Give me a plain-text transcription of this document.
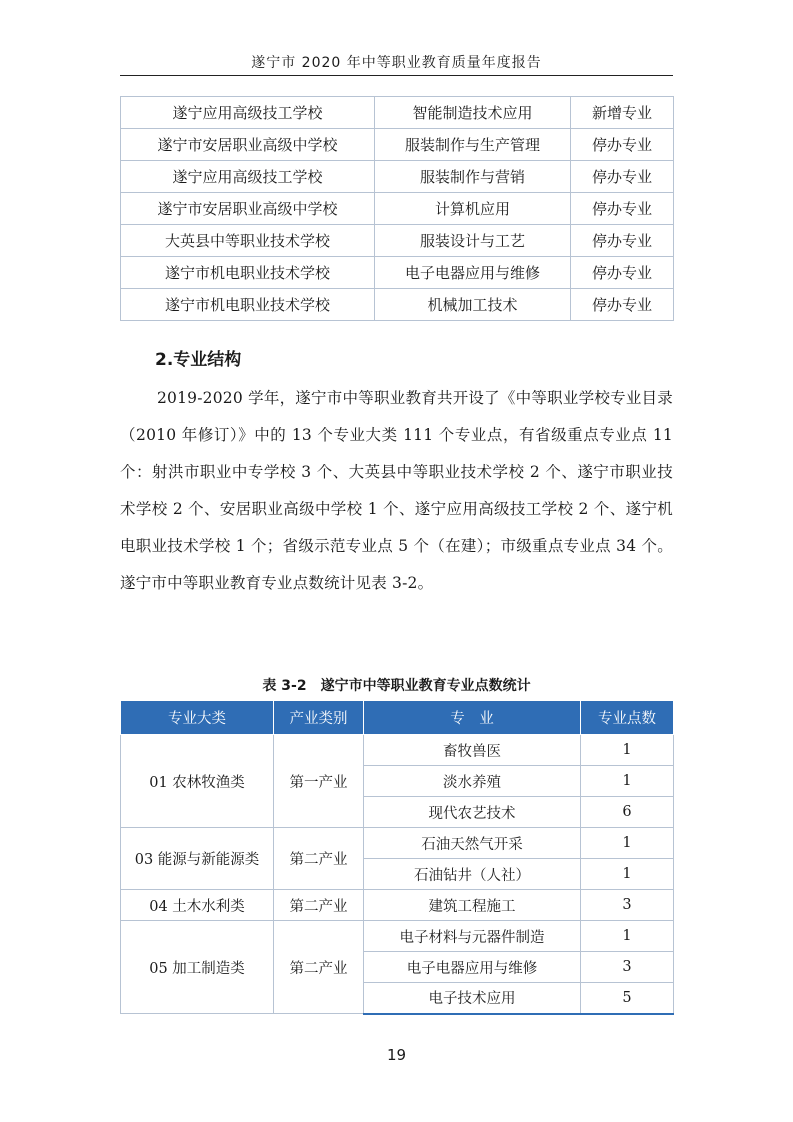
遂宁市 2020 年中等职业教育质量年度报告
遂宁应用高级技工学校	智能制造技术应用	新增专业
遂宁市安居职业高级中学校	服装制作与生产管理	停办专业
遂宁应用高级技工学校	服装制作与营销	停办专业
遂宁市安居职业高级中学校	计算机应用	停办专业
大英县中等职业技术学校	服装设计与工艺	停办专业
遂宁市机电职业技术学校	电子电器应用与维修	停办专业
遂宁市机电职业技术学校	机械加工技术	停办专业
2.专业结构

2019-2020 学年，遂宁市中等职业教育共开设了《中等职业学校专业目录（2010 年修订）》中的 13 个专业大类 111 个专业点，有省级重点专业点 11 个：射洪市职业中专学校 3 个、大英县中等职业技术学校 2 个、遂宁市职业技术学校 2 个、安居职业高级中学校 1 个、遂宁应用高级技工学校 2 个、遂宁机电职业技术学校 1 个；省级示范专业点 5 个（在建）；市级重点专业点 34 个。遂宁市中等职业教育专业点数统计见表 3-2。

表 3-2　遂宁市中等职业教育专业点数统计
专业大类	产业类别	专　业	专业点数
01 农林牧渔类	第一产业	畜牧兽医	1
		淡水养殖	1
		现代农艺技术	6
03 能源与新能源类	第二产业	石油天然气开采	1
		石油钻井（人社）	1
04 土木水利类	第二产业	建筑工程施工	3
05 加工制造类	第二产业	电子材料与元器件制造	1
		电子电器应用与维修	3
		电子技术应用	5
19
